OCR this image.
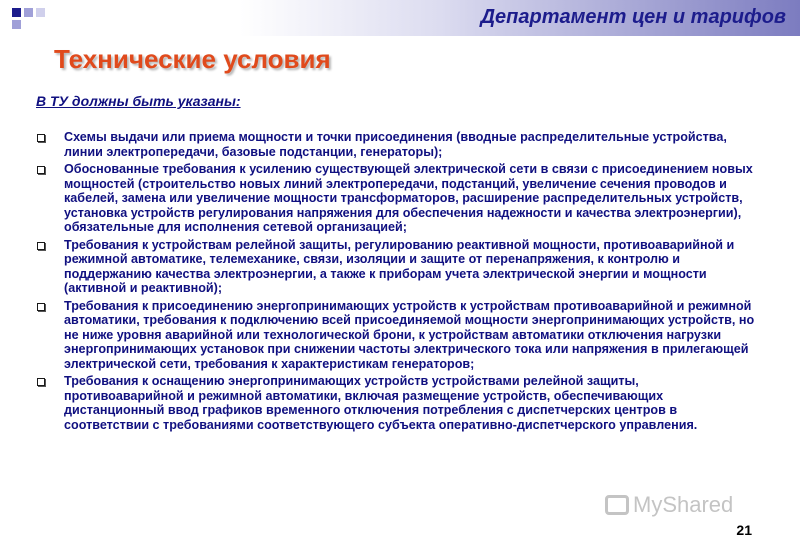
Департамент цен и тарифов
Технические условия
В ТУ должны быть указаны:
Схемы выдачи или приема мощности и точки присоединения (вводные распределительные устройства, линии электропередачи, базовые подстанции, генераторы);
Обоснованные требования к усилению существующей электрической сети в связи с присоединением новых мощностей (строительство новых линий электропередачи, подстанций, увеличение сечения проводов и кабелей, замена или увеличение мощности трансформаторов, расширение распределительных устройств, установка устройств регулирования напряжения для обеспечения надежности и качества электроэнергии), обязательные для исполнения сетевой организацией;
Требования к устройствам релейной защиты, регулированию реактивной мощности, противоаварийной и режимной автоматике, телемеханике, связи, изоляции и защите от перенапряжения, к контролю и поддержанию качества электроэнергии, а также к приборам учета электрической энергии и мощности (активной и реактивной);
Требования к присоединению энергопринимающих устройств к устройствам противоаварийной и режимной автоматики, требования к подключению всей присоединяемой мощности энергопринимающих устройств, но не ниже уровня аварийной или технологической брони, к устройствам автоматики отключения нагрузки энергопринимающих установок при снижении частоты электрического тока или напряжения в прилегающей электрической сети, требования к характеристикам генераторов;
Требования к оснащению энергопринимающих устройств устройствами релейной защиты, противоаварийной и режимной автоматики, включая размещение устройств, обеспечивающих дистанционный ввод графиков временного отключения потребления с диспетчерских центров в соответствии с требованиями соответствующего субъекта оперативно-диспетчерского управления.
MyShared
21
